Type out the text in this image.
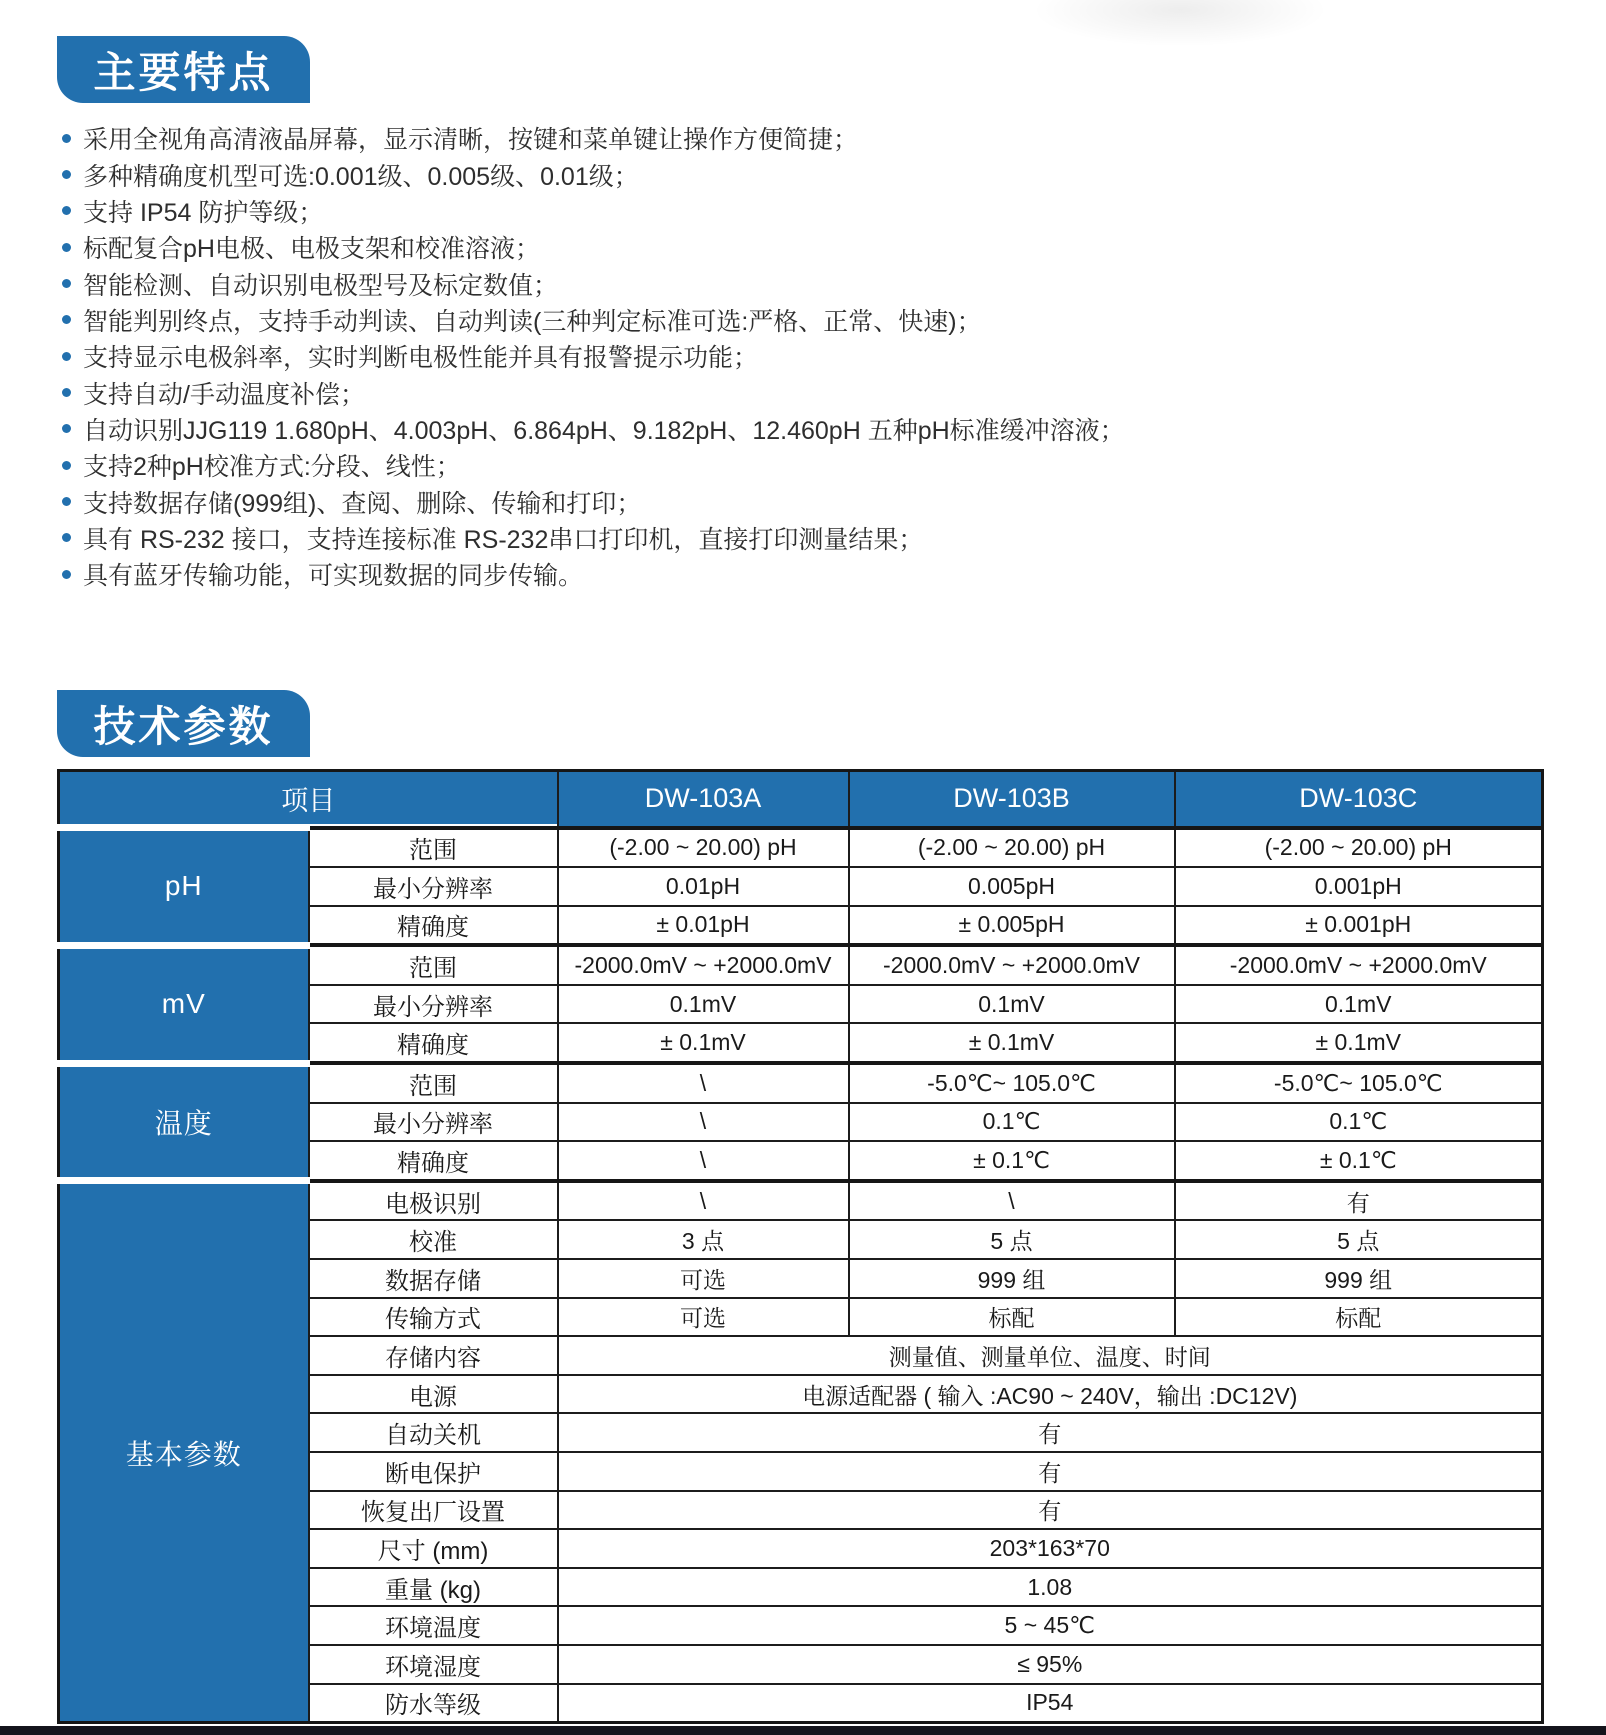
主要特点
采用全视角高清液晶屏幕，显示清晰，按键和菜单键让操作方便简捷；
多种精确度机型可选:0.001级、0.005级、0.01级；
支持 IP54 防护等级；
标配复合pH电极、电极支架和校准溶液；
智能检测、自动识别电极型号及标定数值；
智能判别终点，支持手动判读、自动判读(三种判定标准可选:严格、正常、快速)；
支持显示电极斜率，实时判断电极性能并具有报警提示功能；
支持自动/手动温度补偿；
自动识别JJG119 1.680pH、4.003pH、6.864pH、9.182pH、12.460pH 五种pH标准缓冲溶液；
支持2种pH校准方式:分段、线性；
支持数据存储(999组)、查阅、删除、传输和打印；
具有 RS-232 接口，支持连接标准 RS-232串口打印机，直接打印测量结果；
具有蓝牙传输功能，可实现数据的同步传输。
技术参数
项目		DW-103A	DW-103B	DW-103C
pH	范围	(-2.00 ~ 20.00) pH	(-2.00 ~ 20.00) pH	(-2.00 ~ 20.00) pH
	最小分辨率	0.01pH	0.005pH	0.001pH
	精确度	± 0.01pH	± 0.005pH	± 0.001pH
mV	范围	-2000.0mV ~ +2000.0mV	-2000.0mV ~ +2000.0mV	-2000.0mV ~ +2000.0mV
	最小分辨率	0.1mV	0.1mV	0.1mV
	精确度	± 0.1mV	± 0.1mV	± 0.1mV
温度	范围	\	-5.0℃~ 105.0℃	-5.0℃~ 105.0℃
	最小分辨率	\	0.1℃	0.1℃
	精确度	\	± 0.1℃	± 0.1℃
基本参数	电极识别	\	\	有
	校准	3 点	5 点	5 点
	数据存储	可选	999 组	999 组
	传输方式	可选	标配	标配
	存储内容	测量值、测量单位、温度、时间		
	电源	电源适配器 ( 输入 :AC90 ~ 240V，输出 :DC12V)		
	自动关机	有		
	断电保护	有		
	恢复出厂设置	有		
	尺寸 (mm)	203*163*70		
	重量 (kg)	1.08		
	环境温度	5 ~ 45℃		
	环境湿度	≤ 95%		
	防水等级	IP54		
